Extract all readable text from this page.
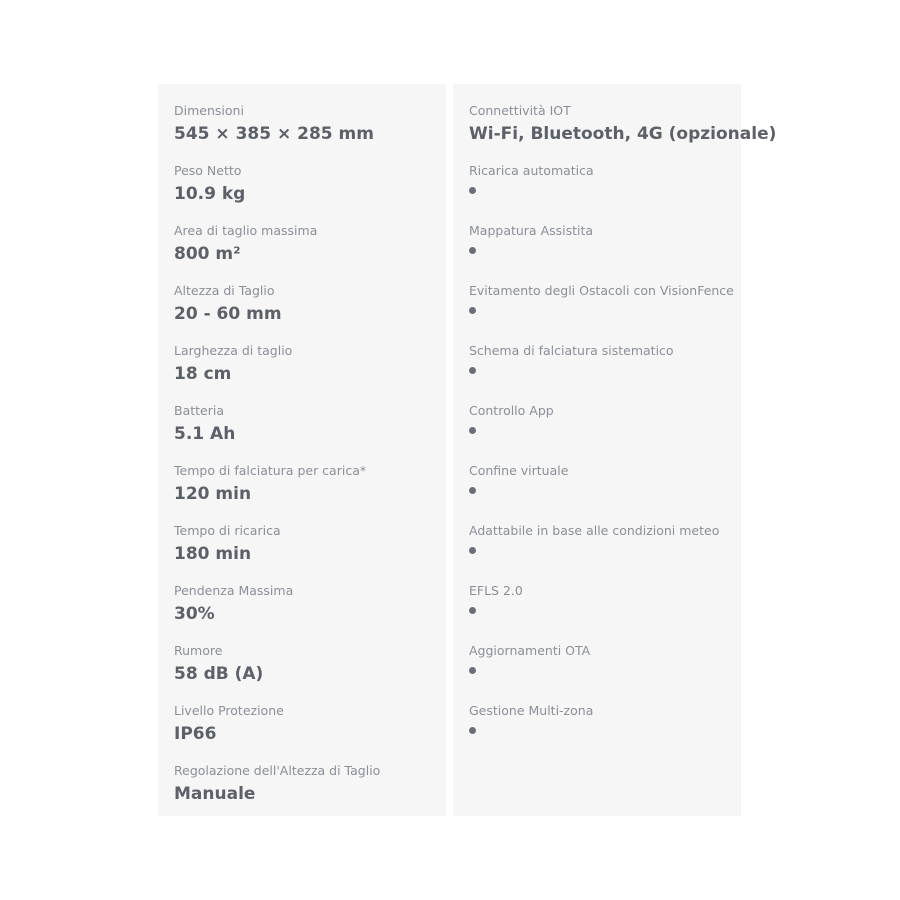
Dimensioni
545 × 385 × 285 mm
Peso Netto
10.9 kg
Area di taglio massima
800 m²
Altezza di Taglio
20 - 60 mm
Larghezza di taglio
18 cm
Batteria
5.1 Ah
Tempo di falciatura per carica*
120 min
Tempo di ricarica
180 min
Pendenza Massima
30%
Rumore
58 dB (A)
Livello Protezione
IP66
Regolazione dell'Altezza di Taglio
Manuale
Connettività IOT
Wi-Fi, Bluetooth, 4G (opzionale)
Ricarica automatica
Mappatura Assistita
Evitamento degli Ostacoli con VisionFence
Schema di falciatura sistematico
Controllo App
Confine virtuale
Adattabile in base alle condizioni meteo
EFLS 2.0
Aggiornamenti OTA
Gestione Multi-zona
